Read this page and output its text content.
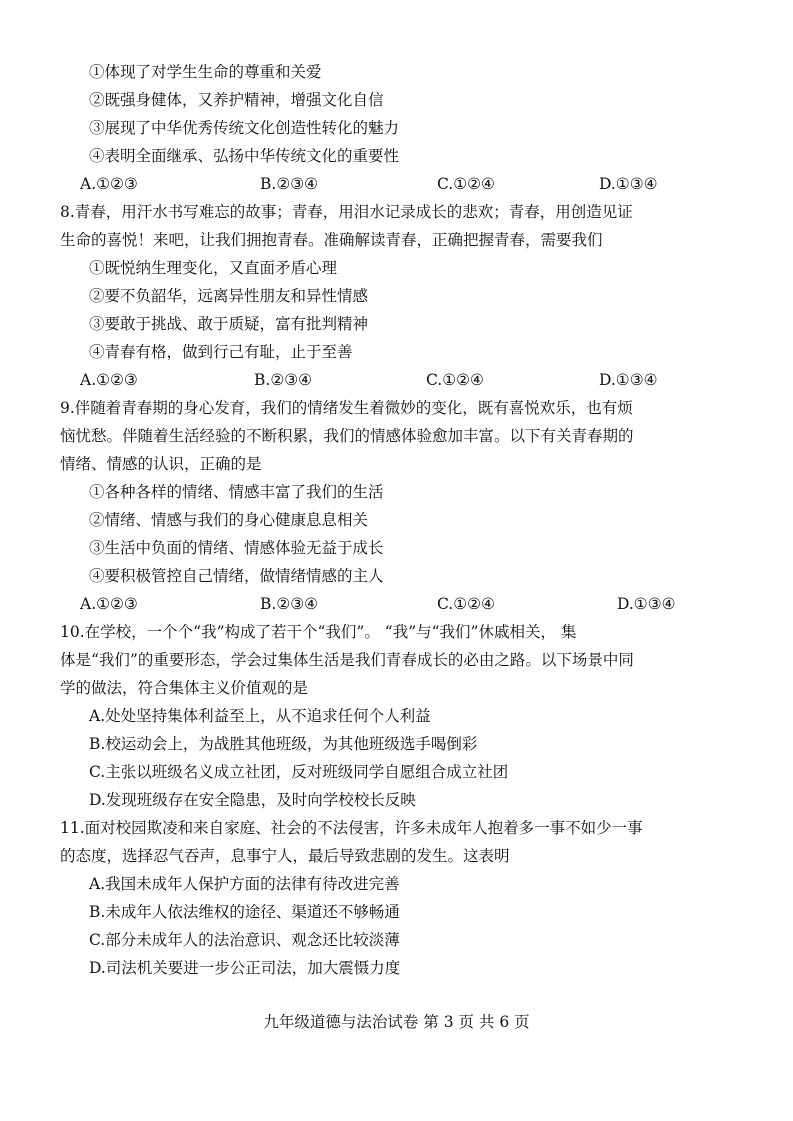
①体现了对学生生命的尊重和关爱
②既强身健体，又养护精神，增强文化自信
③展现了中华优秀传统文化创造性转化的魅力
④表明全面继承、弘扬中华传统文化的重要性
A.①②③	B.②③④	C.①②④	D.①③④
8.青春，用汗水书写难忘的故事；青春，用泪水记录成长的悲欢；青春，用创造见证
生命的喜悦！来吧，让我们拥抱青春。准确解读青春，正确把握青春，需要我们
①既悦纳生理变化，又直面矛盾心理
②要不负韶华，远离异性朋友和异性情感
③要敢于挑战、敢于质疑，富有批判精神
④青春有格，做到行己有耻，止于至善
A.①②③	B.②③④	C.①②④	D.①③④
9.伴随着青春期的身心发育，我们的情绪发生着微妙的变化，既有喜悦欢乐，也有烦
恼忧愁。伴随着生活经验的不断积累，我们的情感体验愈加丰富。以下有关青春期的
情绪、情感的认识，正确的是
①各种各样的情绪、情感丰富了我们的生活
②情绪、情感与我们的身心健康息息相关
③生活中负面的情绪、情感体验无益于成长
④要积极管控自己情绪，做情绪情感的主人
A.①②③	B.②③④	C.①②④	D.①③④
10.在学校，一个个“我”构成了若干个“我们”。 “我”与“我们”休戚相关， 集
体是“我们”的重要形态，学会过集体生活是我们青春成长的必由之路。以下场景中同
学的做法，符合集体主义价值观的是
A.处处坚持集体利益至上，从不追求任何个人利益
B.校运动会上，为战胜其他班级，为其他班级选手喝倒彩
C.主张以班级名义成立社团，反对班级同学自愿组合成立社团
D.发现班级存在安全隐患，及时向学校校长反映
11.面对校园欺凌和来自家庭、社会的不法侵害，许多未成年人抱着多一事不如少一事
的态度，选择忍气吞声，息事宁人，最后导致悲剧的发生。这表明
A.我国未成年人保护方面的法律有待改进完善
B.未成年人依法维权的途径、渠道还不够畅通
C.部分未成年人的法治意识、观念还比较淡薄
D.司法机关要进一步公正司法，加大震慑力度
九年级道德与法治试卷 第 3 页 共 6 页
